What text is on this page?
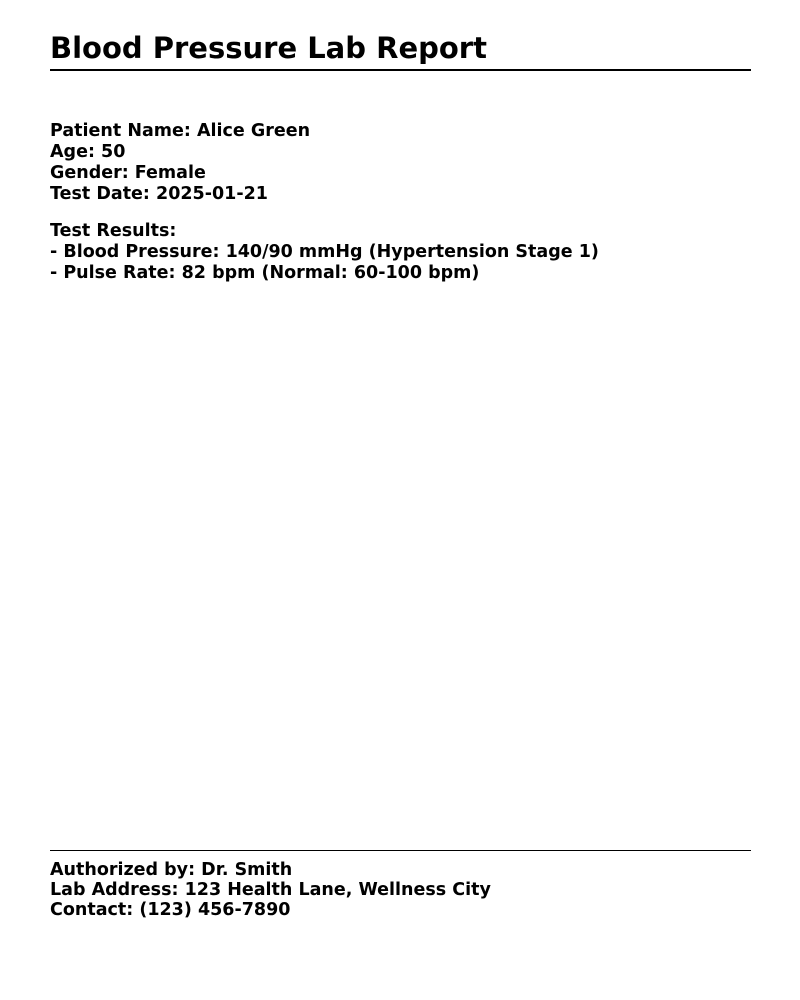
Blood Pressure Lab Report
Patient Name: Alice Green
Age: 50
Gender: Female
Test Date: 2025-01-21
Test Results:
- Blood Pressure: 140/90 mmHg (Hypertension Stage 1)
- Pulse Rate: 82 bpm (Normal: 60-100 bpm)
Authorized by: Dr. Smith
Lab Address: 123 Health Lane, Wellness City
Contact: (123) 456-7890
